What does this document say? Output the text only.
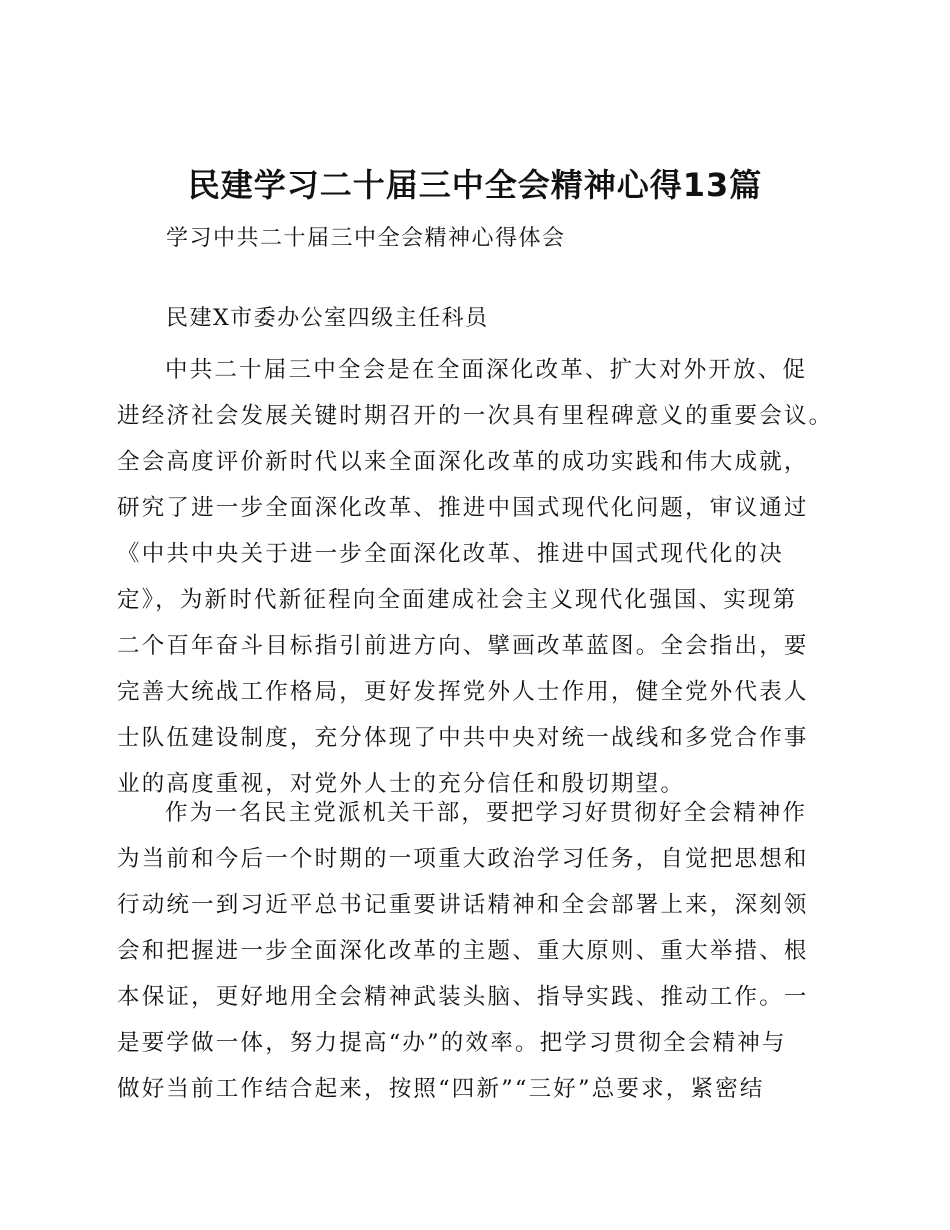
民建学习二十届三中全会精神心得13篇
学习中共二十届三中全会精神心得体会
民建X市委办公室四级主任科员
中共二十届三中全会是在全面深化改革、扩大对外开放、促
进经济社会发展关键时期召开的一次具有里程碑意义的重要会议。
全会高度评价新时代以来全面深化改革的成功实践和伟大成就，
研究了进一步全面深化改革、推进中国式现代化问题，审议通过
《中共中央关于进一步全面深化改革、推进中国式现代化的决
定》，为新时代新征程向全面建成社会主义现代化强国、实现第
二个百年奋斗目标指引前进方向、擘画改革蓝图。全会指出，要
完善大统战工作格局，更好发挥党外人士作用，健全党外代表人
士队伍建设制度，充分体现了中共中央对统一战线和多党合作事
业的高度重视，对党外人士的充分信任和殷切期望。
作为一名民主党派机关干部，要把学习好贯彻好全会精神作
为当前和今后一个时期的一项重大政治学习任务，自觉把思想和
行动统一到习近平总书记重要讲话精神和全会部署上来，深刻领
会和把握进一步全面深化改革的主题、重大原则、重大举措、根
本保证，更好地用全会精神武装头脑、指导实践、推动工作。一
是要学做一体，努力提高“办”的效率。把学习贯彻全会精神与
做好当前工作结合起来，按照“四新”“三好”总要求，紧密结
